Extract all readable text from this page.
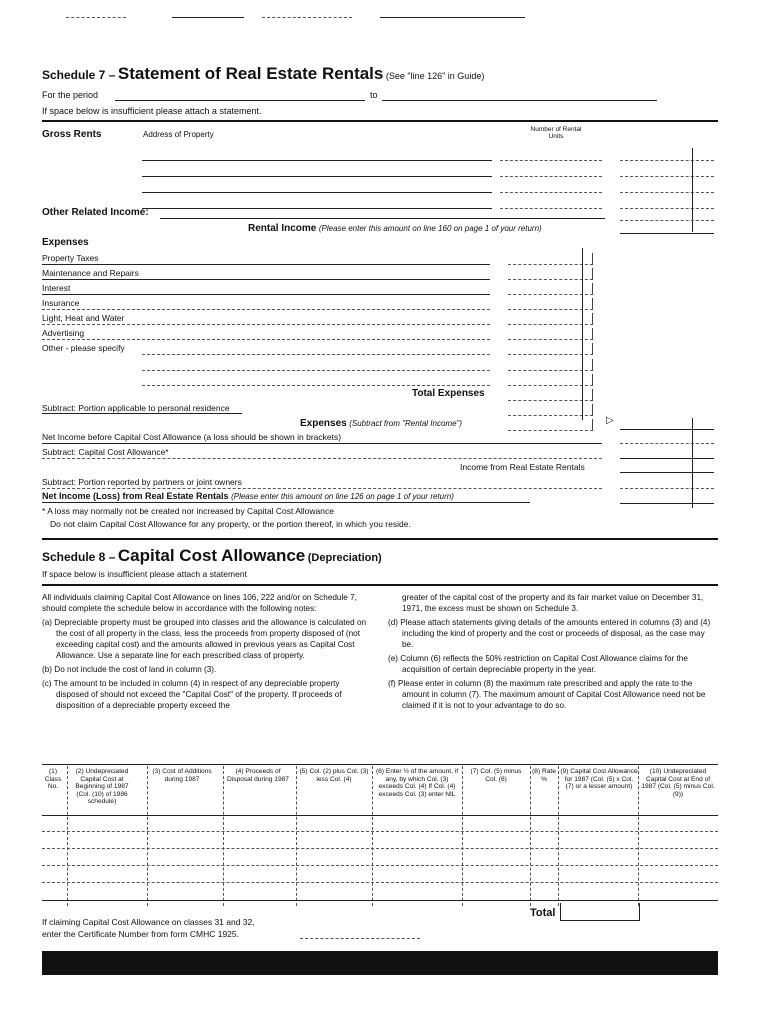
Schedule 7 – Statement of Real Estate Rentals (See "line 126" in Guide)
For the period	to
If space below is insufficient please attach a statement.
Gross Rents	Address of Property
Number of Rental Units
Other Related Income:
Rental Income (Please enter this amount on line 160 on page 1 of your return)
Expenses
Property Taxes
Maintenance and Repairs
Interest
Insurance
Light, Heat and Water
Advertising
Other - please specify
Total Expenses
Subtract: Portion applicable to personal residence
Expenses (Subtract from "Rental Income")	▷
Net Income before Capital Cost Allowance (a loss should be shown in brackets)
Subtract: Capital Cost Allowance*
Income from Real Estate Rentals
Subtract: Portion reported by partners or joint owners
Net Income (Loss) from Real Estate Rentals (Please enter this amount on line 126 on page 1 of your return)
* A loss may normally not be created nor increased by Capital Cost Allowance
Do not claim Capital Cost Allowance for any property, or the portion thereof, in which you reside.
Schedule 8 – Capital Cost Allowance (Depreciation)
If space below is insufficient please attach a statement

All individuals claiming Capital Cost Allowance on lines 106, 222 and/or on Schedule 7, should complete the schedule below in accordance with the following notes:

(a) Depreciable property must be grouped into classes and the allowance is calculated on the cost of all property in the class, less the proceeds from property disposed of (not exceeding capital cost) and the amounts allowed in previous years as Capital Cost Allowance. Use a separate line for each prescribed class of property.

(b) Do not include the cost of land in column (3).

(c) The amount to be included in column (4) in respect of any depreciable property disposed of should not exceed the "Capital Cost" of the property. If proceeds of disposition of a depreciable property exceed the

greater of the capital cost of the property and its fair market value on December 31, 1971, the excess must be shown on Schedule 3.

(d) Please attach statements giving details of the amounts entered in columns (3) and (4) including the kind of property and the cost or proceeds of disposal, as the case may be.

(e) Column (6) reflects the 50% restriction on Capital Cost Allowance claims for the acquisition of certain depreciable property in the year.

(f) Please enter in column (8) the maximum rate prescribed and apply the rate to the amount in column (7). The maximum amount of Capital Cost Allowance need not be claimed if it is not to your advantage to do so.

(1) Class No.
(2) Undepreciated Capital Cost at Beginning of 1987 (Col. (10) of 1986 schedule)
(3) Cost of Additions during 1987
(4) Proceeds of Disposal during 1987
(5) Col. (2) plus Col. (3) less Col. (4)
(6) Enter ½ of the amount, if any, by which Col. (3) exceeds Col. (4) If Col. (4) exceeds Col. (3) enter NIL
(7) Col. (5) minus Col. (6)
(8) Rate %
(9) Capital Cost Allowance for 1987 (Col. (5) x Col. (7) or a lesser amount)
(10) Undepreciated Capital Cost at End of 1987 (Col. (5) minus Col. (9))
Total
If claiming Capital Cost Allowance on classes 31 and 32,
enter the Certificate Number from form CMHC 1925.
